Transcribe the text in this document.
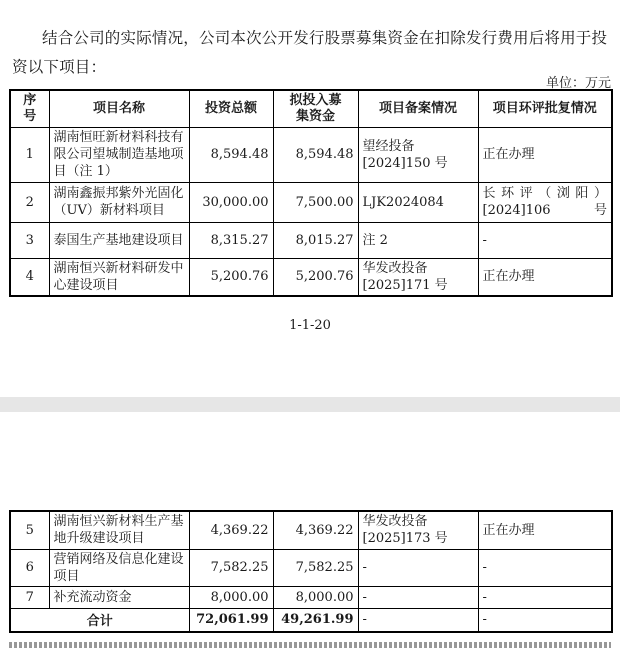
结合公司的实际情况，公司本次公开发行股票募集资金在扣除发行费用后将用于投资以下项目：

单位：万元
序号	项目名称	投资总额	拟投入募集资金	项目备案情况	项目环评批复情况
1	湖南恒旺新材料科技有限公司望城制造基地项目（注 1）	8,594.48	8,594.48	望经投备[2024]150 号	正在办理
2	湖南鑫振邦紫外光固化（UV）新材料项目	30,000.00	7,500.00	LJK2024084	长环评（浏阳）[2024]106 号
3	泰国生产基地建设项目	8,315.27	8,015.27	注 2	-
4	湖南恒兴新材料研发中心建设项目	5,200.76	5,200.76	华发改投备[2025]171 号	正在办理
1-1-20
5	湖南恒兴新材料生产基地升级建设项目	4,369.22	4,369.22	华发改投备[2025]173 号	正在办理
6	营销网络及信息化建设项目	7,582.25	7,582.25	-	-
7	补充流动资金	8,000.00	8,000.00	-	-
合计		72,061.99	49,261.99	-	-
